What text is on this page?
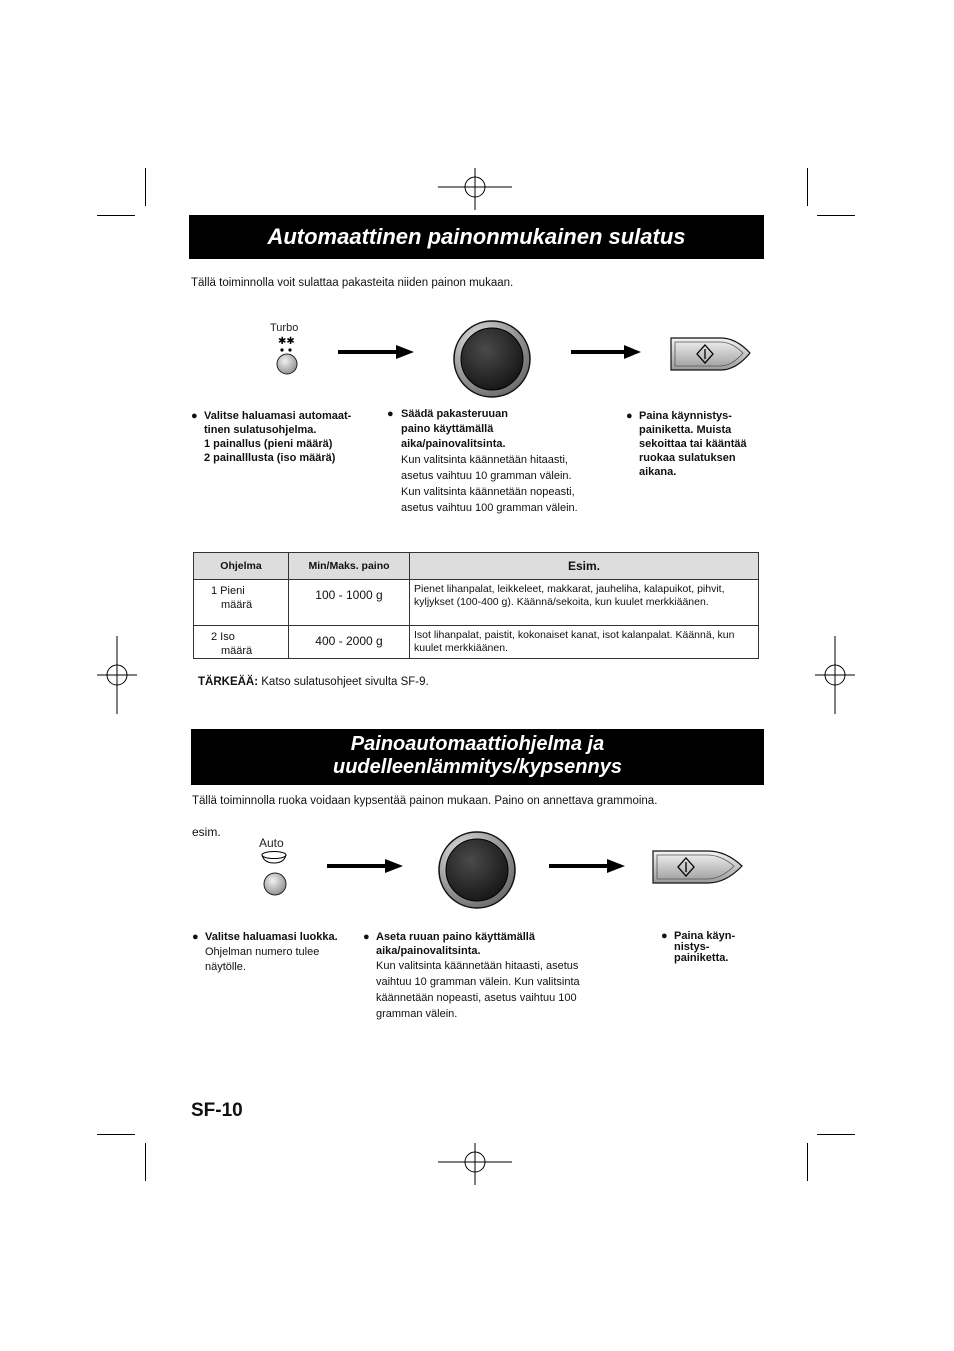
Automaattinen painonmukainen sulatus
Tällä toiminnolla voit sulattaa pakasteita niiden painon mukaan.
Turbo
✱✱
● Valitse haluamasi automaat-
tinen sulatusohjelma.
1 painallus (pieni määrä)
2 painalllusta (iso määrä)
● Säädä pakasteruuan
paino käyttämällä
aika/painovalitsinta.
Kun valitsinta käännetään hitaasti,
asetus vaihtuu 10 gramman välein.
Kun valitsinta käännetään nopeasti,
asetus vaihtuu 100 gramman välein.
● Paina käynnistys-
painiketta. Muista
sekoittaa tai kääntää
ruokaa sulatuksen
aikana.
Ohjelma	Min/Maks. paino	Esim.

1 Pieni
määrä	100 - 1000 g	Pienet lihanpalat, leikkeleet, makkarat, jauheliha, kalapuikot, pihvit, kyljykset (100-400 g). Käännä/sekoita, kun kuulet merkkiäänen.

2 Iso
määrä	400 - 2000 g	Isot lihanpalat, paistit, kokonaiset kanat, isot kalanpalat. Käännä, kun kuulet merkkiäänen.
TÄRKEÄÄ: Katso sulatusohjeet sivulta SF-9.
Painoautomaattiohjelma ja
uudelleenlämmitys/kypsennys
Tällä toiminnolla ruoka voidaan kypsentää painon mukaan. Paino on annettava grammoina.
esim.
Auto
● Valitse haluamasi luokka.
Ohjelman numero tulee
näytölle.
● Aseta ruuan paino käyttämällä
aika/painovalitsinta.
Kun valitsinta käännetään hitaasti, asetus
vaihtuu 10 gramman välein. Kun valitsinta
käännetään nopeasti, asetus vaihtuu 100
gramman välein.
● Paina käyn-
nistys-
painiketta.
SF-10
